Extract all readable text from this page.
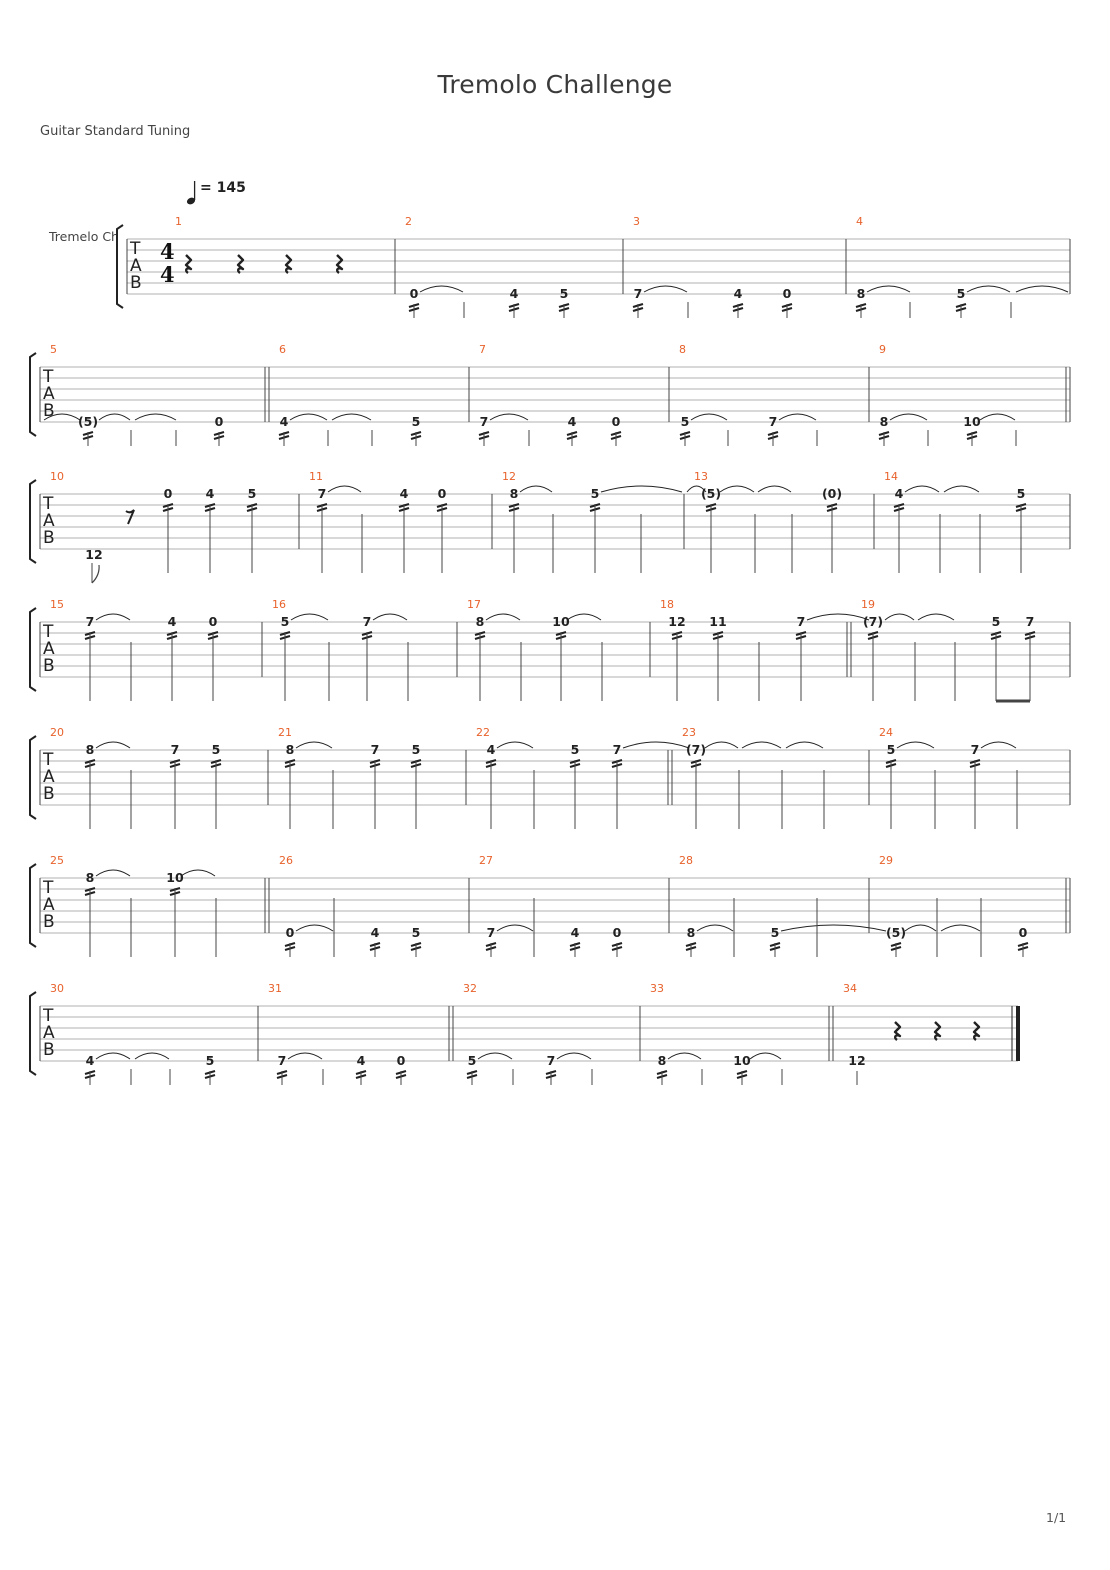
Tremolo Challenge
Guitar Standard Tuning
Tremelo Ch
= 145
T
A
B
4
4
1	2	3	4
0	4	5	7	4	0	8	5
T
A
B
5	6	7	8	9
(5)	0	4	5	7	4	0	5	7	8	10
T
A
B
10	11	12	13	14
12
0	4	5	7	4 0	8	5	(5)	(0)	4	5
T
A
B
15	16	17	18	19
7	4	0	5	7	8	10	12 11	7	(7)	5 7
T
A
B
20	21	22	23	24
8	7	5	8	7	5	4	5	7	(7)	5	7
T
A
B
25	26	27	28	29
8	10
0	4	5	7	4	0	8	5	(5)	0
T
A
B
30	31	32	33	34
4	5	7	4	0	5	7	8	10	12
1/1
